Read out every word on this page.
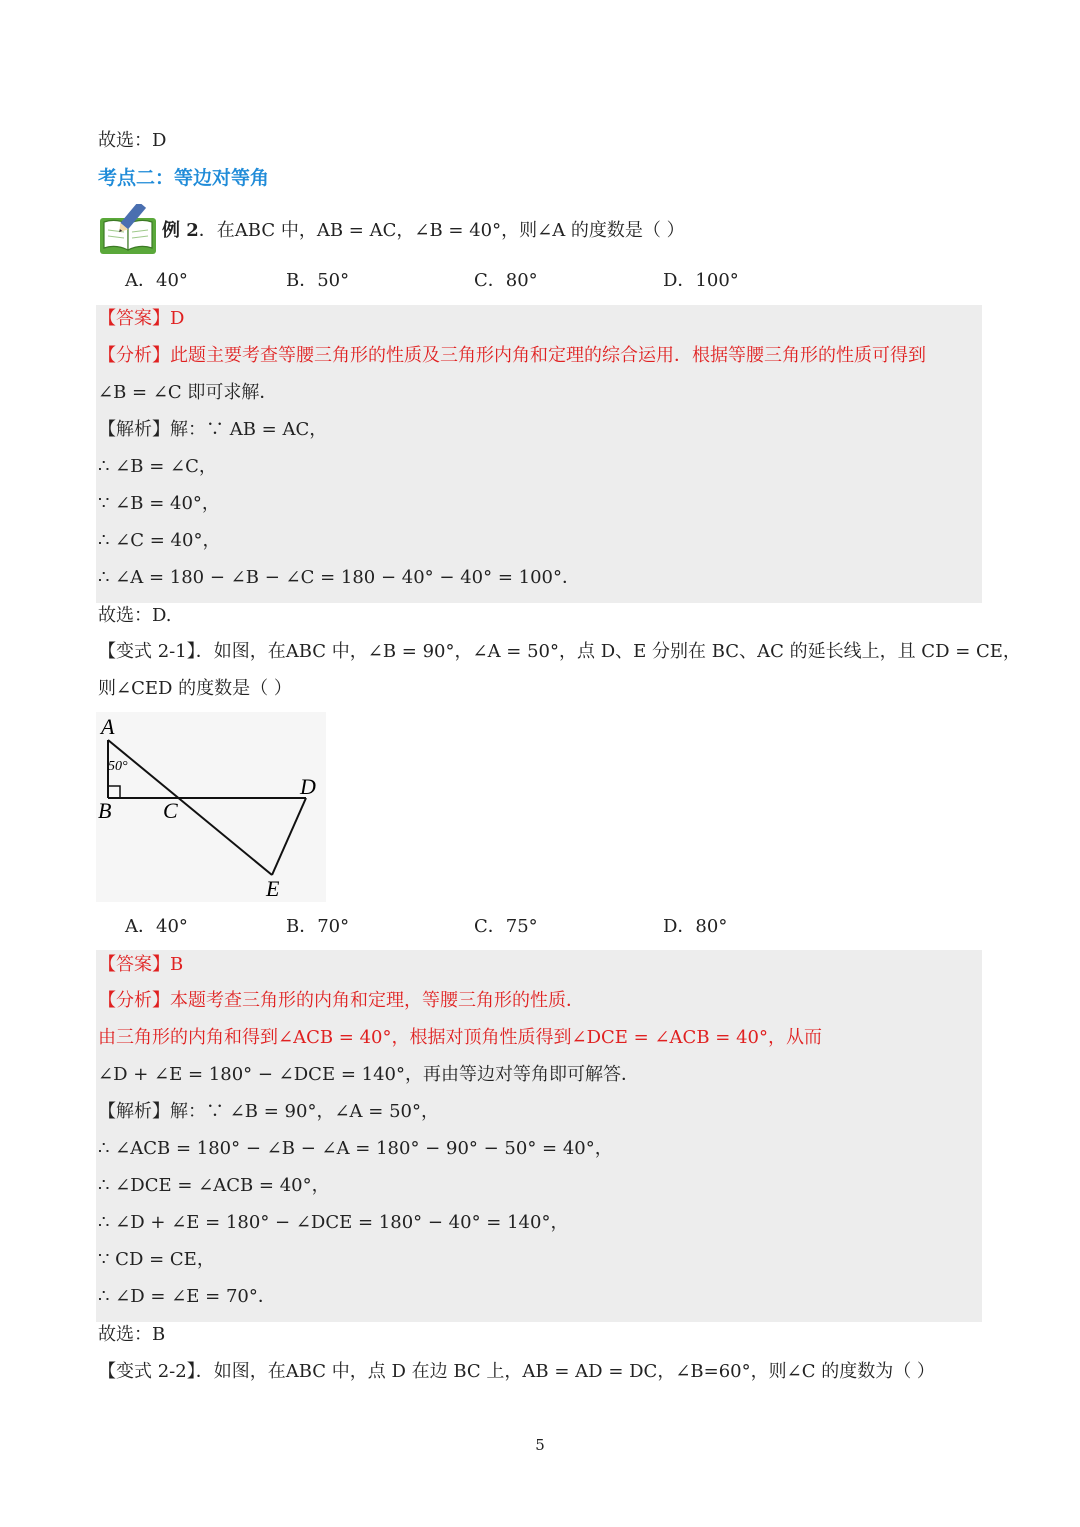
故选：D
考点二：等边对等角
例 2．在ABC 中，AB = AC，∠B = 40°，则∠A 的度数是（ ）
A．40°	B．50°	C．80°	D．100°
【答案】D
【分析】此题主要考查等腰三角形的性质及三角形内角和定理的综合运用．根据等腰三角形的性质可得到
∠B = ∠C 即可求解．
【解析】解：∵ AB = AC，
∴ ∠B = ∠C，
∵ ∠B = 40°，
∴ ∠C = 40°，
∴ ∠A = 180 − ∠B − ∠C = 180 − 40° − 40° = 100°．
故选：D.
【变式 2-1】．如图，在ABC 中，∠B = 90°，∠A = 50°，点 D、E 分别在 BC、AC 的延长线上，且 CD = CE，
则∠CED 的度数是（ ）
A
B C
D
E
50°
A．40°	B．70°	C．75°	D．80°
【答案】B
【分析】本题考查三角形的内角和定理，等腰三角形的性质．
由三角形的内角和得到∠ACB = 40°，根据对顶角性质得到∠DCE = ∠ACB = 40°，从而
∠D + ∠E = 180° − ∠DCE = 140°，再由等边对等角即可解答．
【解析】解：∵ ∠B = 90°，∠A = 50°，
∴ ∠ACB = 180° − ∠B − ∠A = 180° − 90° − 50° = 40°，
∴ ∠DCE = ∠ACB = 40°，
∴ ∠D + ∠E = 180° − ∠DCE = 180° − 40° = 140°，
∵ CD = CE，
∴ ∠D = ∠E = 70°．
故选：B
【变式 2-2】．如图，在ABC 中，点 D 在边 BC 上，AB = AD = DC，∠B=60°，则∠C 的度数为（ ）
5
